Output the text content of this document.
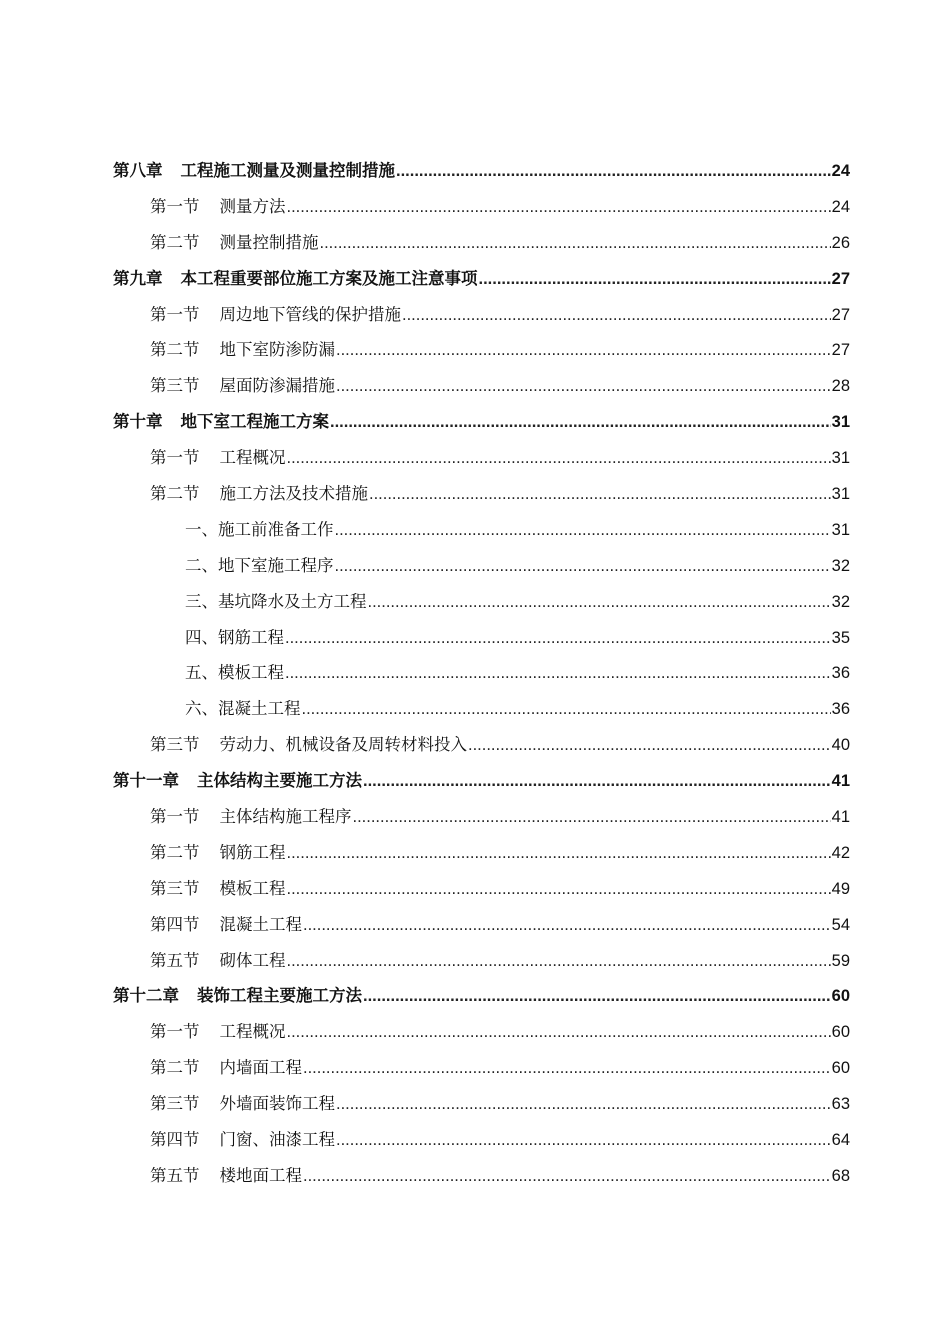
第八章 工程施工测量及测量控制措施 .....	24
第一节 测量方法 .....	24
第二节 测量控制措施 .....	26
第九章 本工程重要部位施工方案及施工注意事项 .....	27
第一节 周边地下管线的保护措施 .....	27
第二节 地下室防渗防漏 .....	27
第三节 屋面防渗漏措施 .....	28
第十章 地下室工程施工方案 .....	31
第一节 工程概况 .....	31
第二节 施工方法及技术措施 .....	31
一、施工前准备工作 .....	31
二、地下室施工程序 .....	32
三、基坑降水及土方工程 .....	32
四、钢筋工程 .....	35
五、模板工程 .....	36
六、混凝土工程 .....	36
第三节 劳动力、机械设备及周转材料投入 .....	40
第十一章 主体结构主要施工方法 .....	41
第一节 主体结构施工程序 .....	41
第二节 钢筋工程 .....	42
第三节 模板工程 .....	49
第四节 混凝土工程 .....	54
第五节 砌体工程 .....	59
第十二章 装饰工程主要施工方法 .....	60
第一节 工程概况 .....	60
第二节 内墙面工程 .....	60
第三节 外墙面装饰工程 .....	63
第四节 门窗、油漆工程 .....	64
第五节 楼地面工程 .....	68
